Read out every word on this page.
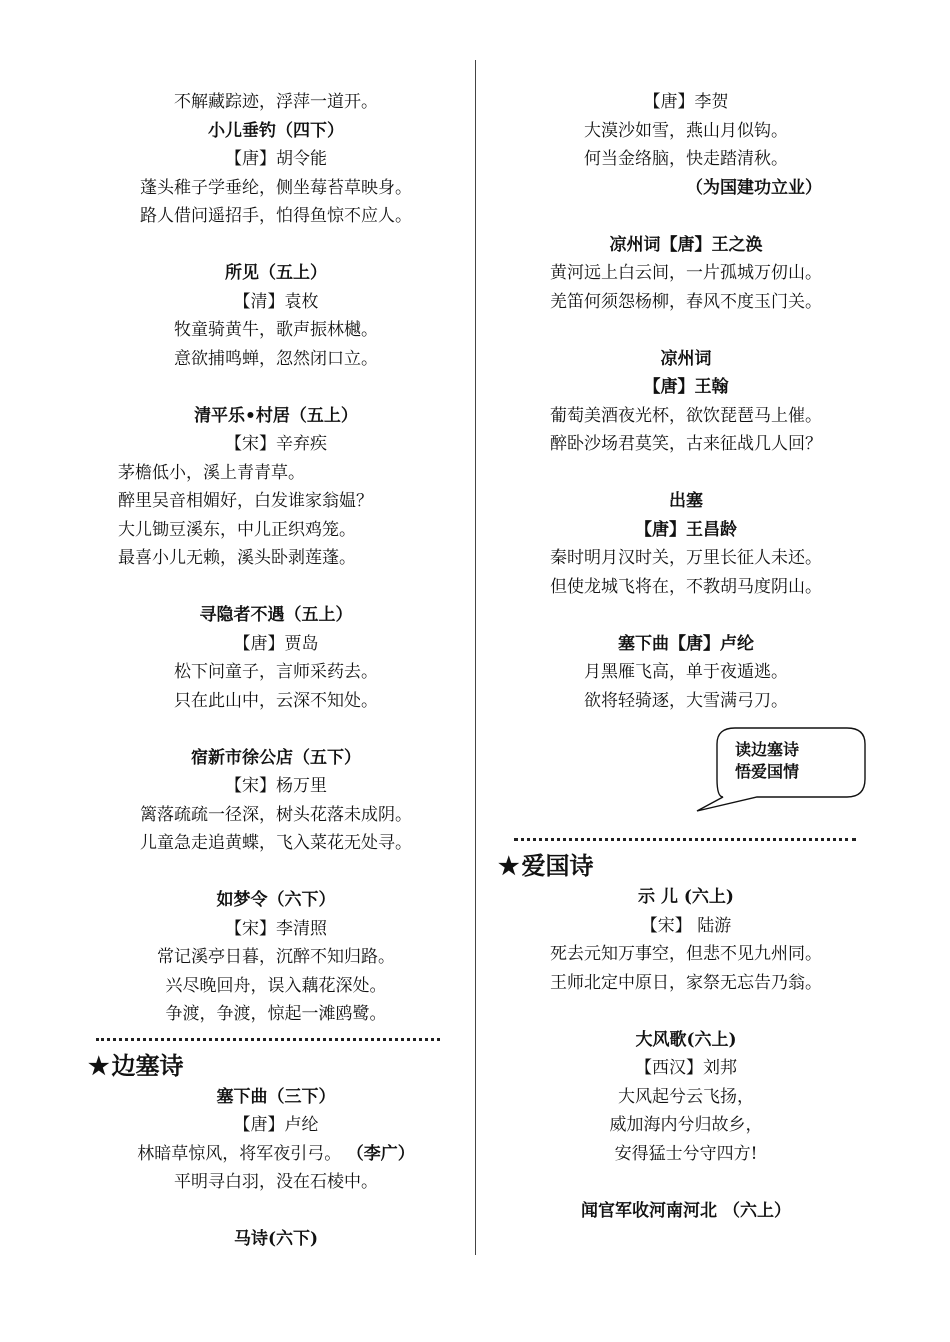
不解藏踪迹，浮萍一道开。
小儿垂钓（四下）
【唐】胡令能
蓬头稚子学垂纶，侧坐莓苔草映身。
路人借问遥招手，怕得鱼惊不应人。
所见（五上）
【清】袁枚
牧童骑黄牛，歌声振林樾。
意欲捕鸣蝉，忽然闭口立。
清平乐•村居（五上）
【宋】辛弃疾
茅檐低小，溪上青青草。
醉里吴音相媚好，白发谁家翁媪？
大儿锄豆溪东，中儿正织鸡笼。
最喜小儿无赖，溪头卧剥莲蓬。
寻隐者不遇（五上）
【唐】贾岛
松下问童子，言师采药去。
只在此山中，云深不知处。
宿新市徐公店（五下）
【宋】杨万里
篱落疏疏一径深，树头花落未成阴。
儿童急走追黄蝶，飞入菜花无处寻。
如梦令（六下）
【宋】李清照
常记溪亭日暮，沉醉不知归路。
兴尽晚回舟，误入藕花深处。
争渡，争渡，惊起一滩鸥鹭。
★边塞诗
塞下曲（三下）
【唐】卢纶
林暗草惊风，将军夜引弓。 （李广）
平明寻白羽，没在石棱中。
马诗(六下)
【唐】李贺
大漠沙如雪，燕山月似钩。
何当金络脑，快走踏清秋。
（为国建功立业）
凉州词【唐】王之涣
黄河远上白云间，一片孤城万仞山。
羌笛何须怨杨柳，春风不度玉门关。
凉州词
【唐】王翰
葡萄美酒夜光杯，欲饮琵琶马上催。
醉卧沙场君莫笑，古来征战几人回？
出塞
【唐】王昌龄
秦时明月汉时关，万里长征人未还。
但使龙城飞将在，不教胡马度阴山。
塞下曲【唐】卢纶
月黑雁飞高，单于夜遁逃。
欲将轻骑逐，大雪满弓刀。
★爱国诗
示 儿 (六上)
【宋】 陆游
死去元知万事空，但悲不见九州同。
王师北定中原日，家祭无忘告乃翁。
大风歌(六上)
【西汉】刘邦
大风起兮云飞扬，
威加海内兮归故乡，
安得猛士兮守四方!
闻官军收河南河北 （六上）
读边塞诗
悟爱国情
